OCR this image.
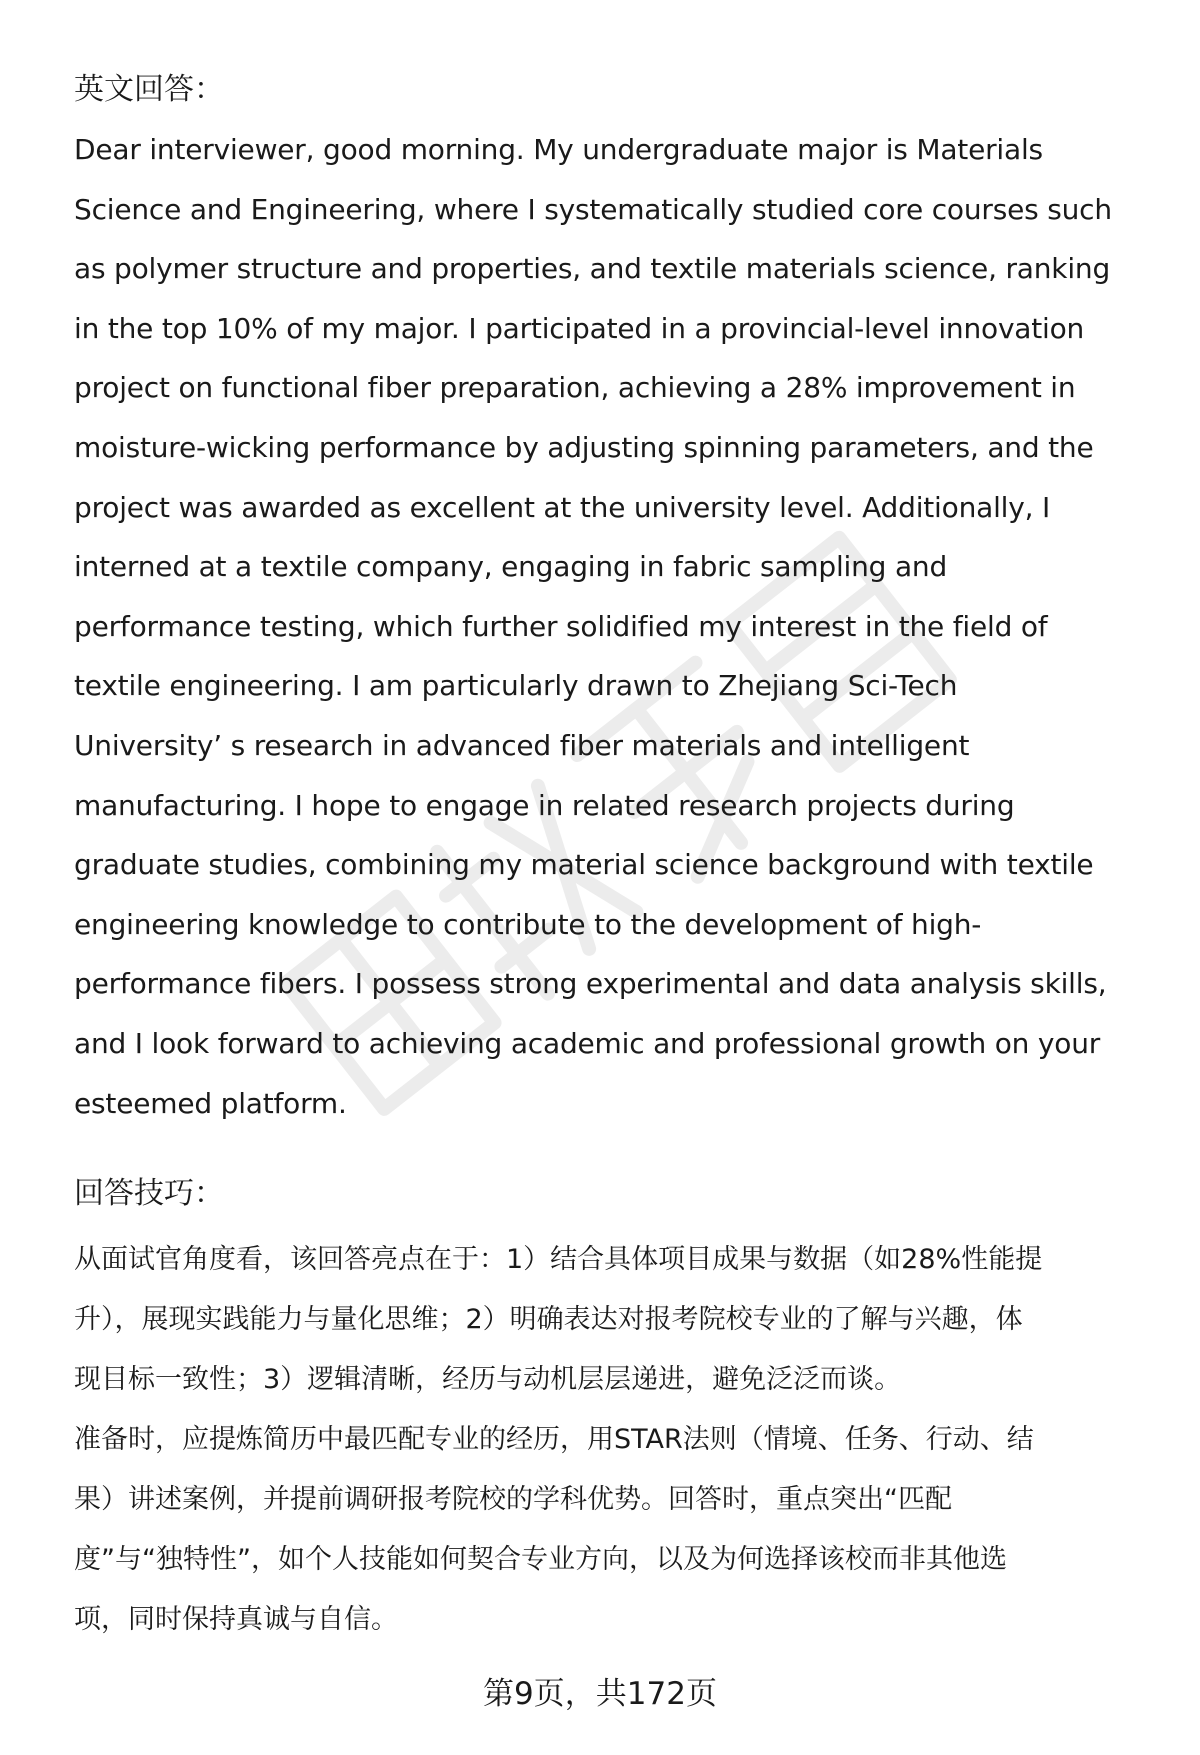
英文回答：
Dear interviewer, good morning. My undergraduate major is Materials
Science and Engineering, where I systematically studied core courses such
as polymer structure and properties, and textile materials science, ranking
in the top 10% of my major. I participated in a provincial-level innovation
project on functional fiber preparation, achieving a 28% improvement in
moisture-wicking performance by adjusting spinning parameters, and the
project was awarded as excellent at the university level. Additionally, I
interned at a textile company, engaging in fabric sampling and
performance testing, which further solidified my interest in the field of
textile engineering. I am particularly drawn to Zhejiang Sci-Tech
University’ s research in advanced fiber materials and intelligent
manufacturing. I hope to engage in related research projects during
graduate studies, combining my material science background with textile
engineering knowledge to contribute to the development of high-
performance fibers. I possess strong experimental and data analysis skills,
and I look forward to achieving academic and professional growth on your
esteemed platform.
回答技巧：
从面试官角度看，该回答亮点在于：1）结合具体项目成果与数据（如28%性能提
升），展现实践能力与量化思维；2）明确表达对报考院校专业的了解与兴趣，体
现目标一致性；3）逻辑清晰，经历与动机层层递进，避免泛泛而谈。
准备时，应提炼简历中最匹配专业的经历，用STAR法则（情境、任务、行动、结
果）讲述案例，并提前调研报考院校的学科优势。回答时，重点突出“匹配
度”与“独特性”，如个人技能如何契合专业方向，以及为何选择该校而非其他选
项，同时保持真诚与自信。
第9页，共172页
